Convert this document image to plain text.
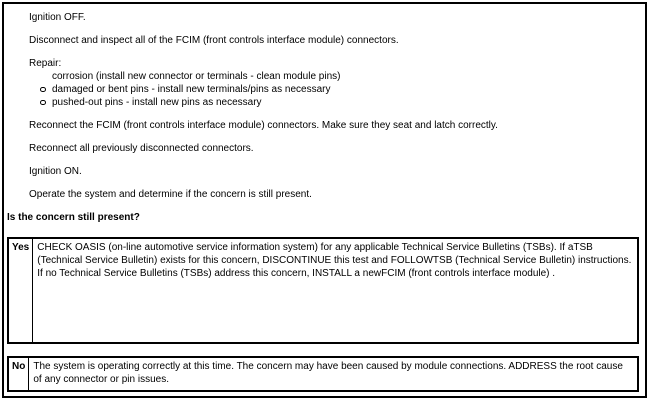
Ignition OFF.

Disconnect and inspect all of the FCIM (front controls interface module) connectors.

Repair:

corrosion (install new connector or terminals - clean module pins)
damaged or bent pins - install new terminals/pins as necessary
pushed-out pins - install new pins as necessary

Reconnect the FCIM (front controls interface module) connectors. Make sure they seat and latch correctly.

Reconnect all previously disconnected connectors.

Ignition ON.

Operate the system and determine if the concern is still present.

Is the concern still present?
Yes CHECK OASIS (on-line automotive service information system) for any applicable Technical Service Bulletins (TSBs). If aTSB (Technical Service Bulletin) exists for this concern, DISCONTINUE this test and FOLLOWTSB (Technical Service Bulletin) instructions. If no Technical Service Bulletins (TSBs) address this concern, INSTALL a newFCIM (front controls interface module) .
No The system is operating correctly at this time. The concern may have been caused by module connections. ADDRESS the root cause of any connector or pin issues.
